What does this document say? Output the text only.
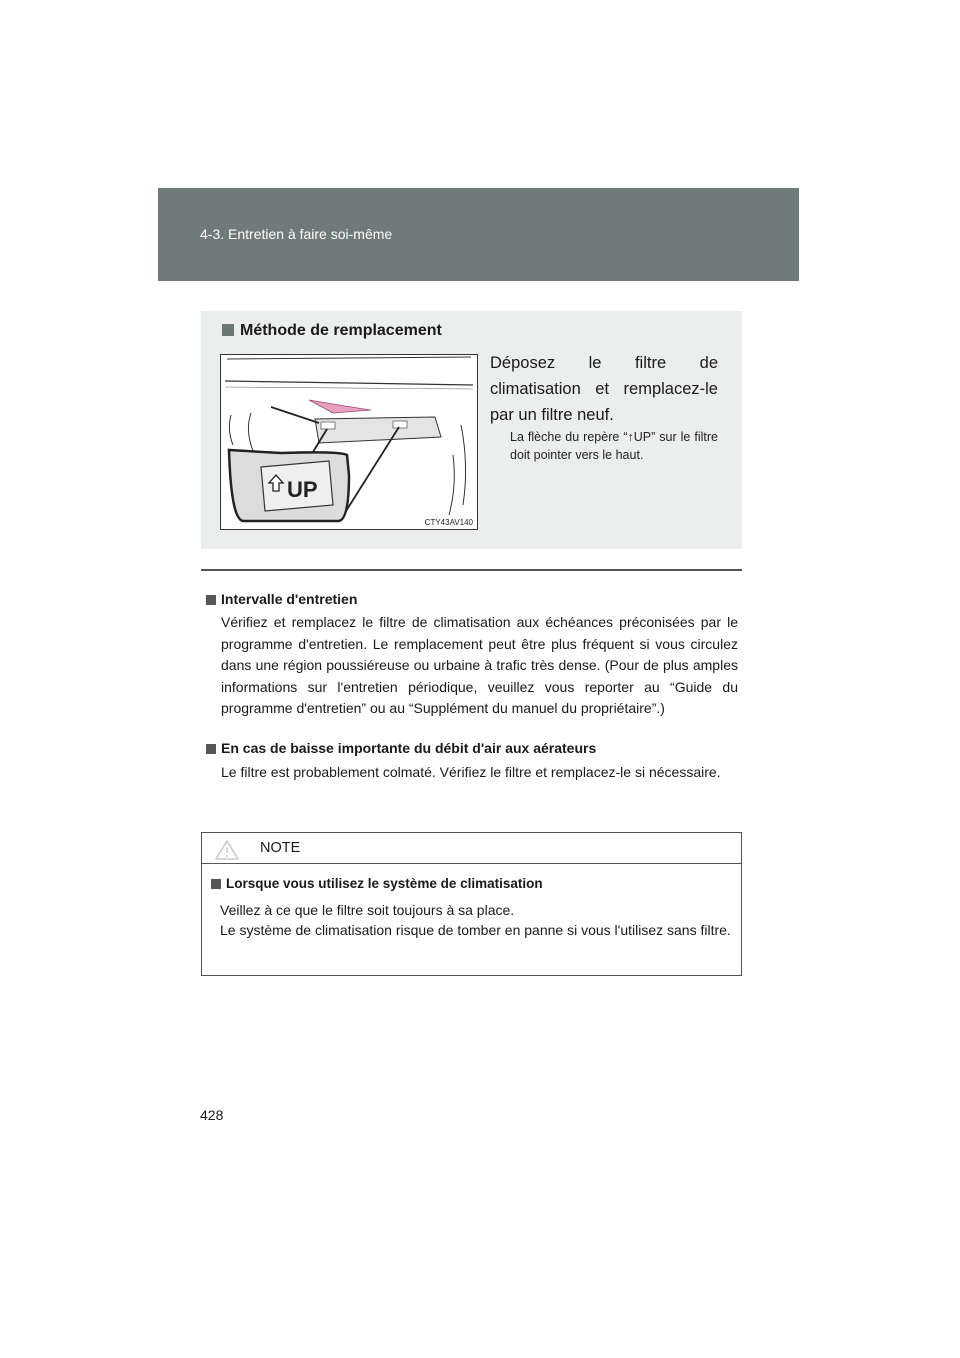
4-3. Entretien à faire soi-même
Méthode de remplacement
UP
CTY43AV140
Déposez le filtre de climatisation et remplacez-le par un filtre neuf.
La flèche du repère “↑UP” sur le filtre doit pointer vers le haut.
Intervalle d'entretien
Vérifiez et remplacez le filtre de climatisation aux échéances préconisées par le programme d'entretien. Le remplacement peut être plus fréquent si vous circulez dans une région poussiéreuse ou urbaine à trafic très dense. (Pour de plus amples informations sur l'entretien périodique, veuillez vous reporter au “Guide du programme d'entretien” ou au “Supplément du manuel du propriétaire”.)
En cas de baisse importante du débit d'air aux aérateurs
Le filtre est probablement colmaté. Vérifiez le filtre et remplacez-le si nécessaire.
NOTE
Lorsque vous utilisez le système de climatisation
Veillez à ce que le filtre soit toujours à sa place.
Le système de climatisation risque de tomber en panne si vous l'utilisez sans filtre.
428
